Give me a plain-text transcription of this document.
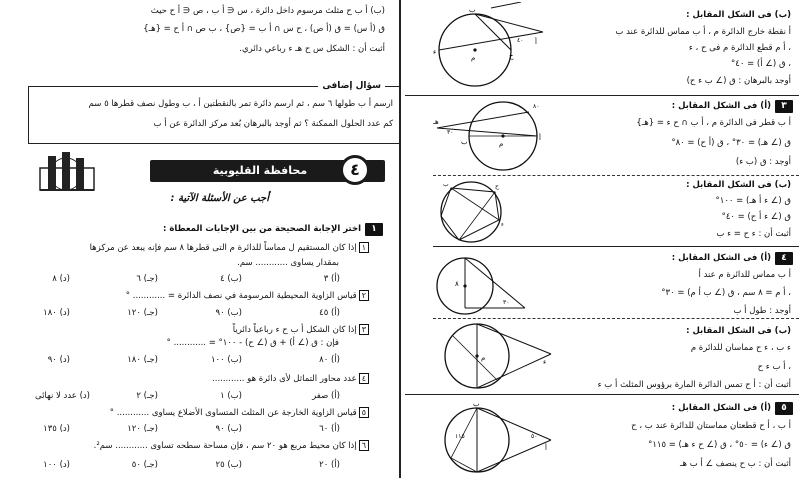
(ب) أ ب ح مثلث مرسوم داخل دائرة ، س ∈ أ ب ، ص ∈ أ ح حيث
ق (أ س) = ق (أ ص) ، ح س ∩ أ ب = {ص} ، ب ص ∩ أ ح = {هـ}
أثبت أن : الشكل س ح هـ ء رباعي دائري.
سؤال إضافى
ارسم أ ب طولها ٦ سم ، ثم ارسم دائرة تمر بالنقطتين أ ، ب وطول نصف قطرها ٥ سم
كم عدد الحلول الممكنة ؟ ثم أوجد بالبرهان بُعد مركز الدائرة عن أ ب
محافظة القليوبية	٤
أجب عن الأسئلة الآتية :
١
اختر الإجابة الصحيحة من بين الإجابات المعطاة :
١إذا كان المستقيم ل مماساً للدائرة م التى قطرها ٨ سم فإنه يبعد عن مركزها
بمقدار يساوى ............ سم.
(أ) ٣
(ب) ٤
(جـ) ٦
(د) ٨
٢قياس الزاوية المحيطية المرسومة في نصف الدائرة = ............ °
(أ) ٤٥
(ب) ٩٠
(جـ) ١٢٠
(د) ١٨٠
٣إذا كان الشكل أ ب ح ء رباعياً دائرياً
فإن : ق (∠ أ) + ق (∠ ح) - ١٠٠° = ............ °
(أ) ٨٠
(ب) ١٠٠
(جـ) ١٨٠
(د) ٩٠
٤عدد محاور التماثل لأى دائرة هو ............
(أ) صفر
(ب) ١
(جـ) ٢
(د) عدد لا نهائى
٥قياس الزاوية الخارجة عن المثلث المتساوى الأضلاع يساوى ............ °
(أ) ٦٠
(ب) ٩٠
(جـ) ١٢٠
(د) ١٣٥
٦إذا كان محيط مربع هو ٢٠ سم ، فإن مساحة سطحه تساوى ............ سم².
(أ) ٢٠
(ب) ٢٥
(جـ) ٥٠
(د) ١٠٠
(ب) فى الشكل المقابل :
أ نقطة خارج الدائرة م ، أ ب مماس للدائرة عند ب
، أ م قطع الدائرة م فى ح ، ء
، ق (∠ أ) = ٤٠°
أوجد بالبرهان : ق (∠ ب ء ح)
ء
م
أ
٤٠
ب
ح
٣
(أ) فى الشكل المقابل :
أ ب قطر فى الدائرة م ، أ ب ∩ ح ء = {هـ}
ق (∠ هـ) = ٣٠° ، ق (أ ح) = ٨٠°
أوجد : ق (ب ء)
هـ
٣٠
٨٠
م
أ
ب
(ب) فى الشكل المقابل :
ق (∠ ء أ هـ) = ١٠٠°
ق (∠ ء أ ح) = ٤٠°
أثبت أن : ء ح = ء ب
ب	ح
ء
٤
(أ) فى الشكل المقابل :
أ ب مماس للدائرة م عند أ
، أ م = ٨ سم ، ق (∠ ب أ م) = ٣٠°
أوجد : طول أ ب
٨
٣٠
(ب) فى الشكل المقابل :
ء ب ، ء ح مماسان للدائرة م
، أ ب ء ح
أثبت أن : أ ح تمس الدائرة المارة برؤوس المثلث أ ب ء
م	ء
٥
(أ) فى الشكل المقابل :
أ ب ، أ ح قطعتان مماستان للدائرة عند ب ، ح
ق (∠ ء) = ٥٠° ، ق (∠ ح ء هـ) = ١١٥°
أثبت أن : ب ح ينصف ∠ أ ب هـ
١١٥	٥٠
أ
ب
